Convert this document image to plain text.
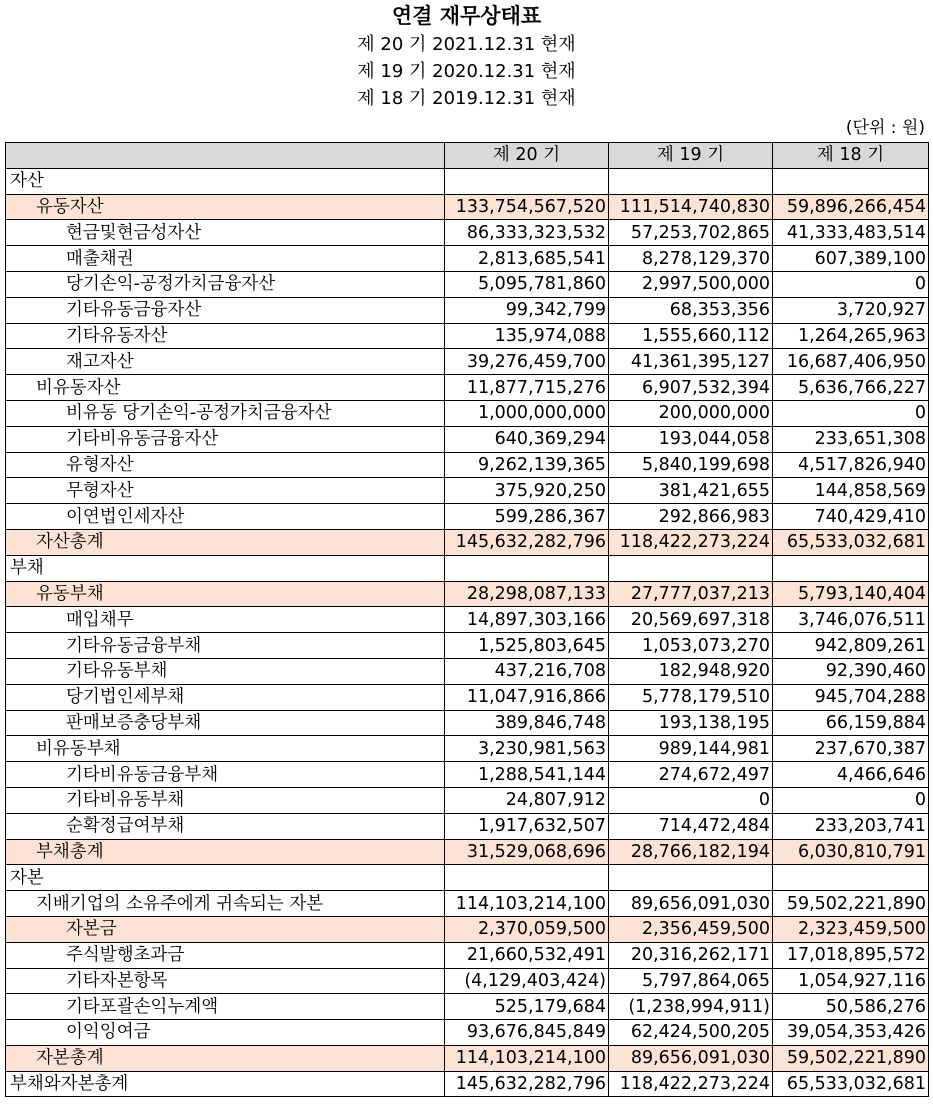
연결 재무상태표
제 20 기 2021.12.31 현재
제 19 기 2020.12.31 현재
제 18 기 2019.12.31 현재
(단위 : 원)
	제 20 기	제 19 기	제 18 기
자산			
유동자산	133,754,567,520	111,514,740,830	59,896,266,454
현금및현금성자산	86,333,323,532	57,253,702,865	41,333,483,514
매출채권	2,813,685,541	8,278,129,370	607,389,100
당기손익-공정가치금융자산	5,095,781,860	2,997,500,000	0
기타유동금융자산	99,342,799	68,353,356	3,720,927
기타유동자산	135,974,088	1,555,660,112	1,264,265,963
재고자산	39,276,459,700	41,361,395,127	16,687,406,950
비유동자산	11,877,715,276	6,907,532,394	5,636,766,227
비유동 당기손익-공정가치금융자산	1,000,000,000	200,000,000	0
기타비유동금융자산	640,369,294	193,044,058	233,651,308
유형자산	9,262,139,365	5,840,199,698	4,517,826,940
무형자산	375,920,250	381,421,655	144,858,569
이연법인세자산	599,286,367	292,866,983	740,429,410
자산총계	145,632,282,796	118,422,273,224	65,533,032,681
부채			
유동부채	28,298,087,133	27,777,037,213	5,793,140,404
매입채무	14,897,303,166	20,569,697,318	3,746,076,511
기타유동금융부채	1,525,803,645	1,053,073,270	942,809,261
기타유동부채	437,216,708	182,948,920	92,390,460
당기법인세부채	11,047,916,866	5,778,179,510	945,704,288
판매보증충당부채	389,846,748	193,138,195	66,159,884
비유동부채	3,230,981,563	989,144,981	237,670,387
기타비유동금융부채	1,288,541,144	274,672,497	4,466,646
기타비유동부채	24,807,912	0	0
순확정급여부채	1,917,632,507	714,472,484	233,203,741
부채총계	31,529,068,696	28,766,182,194	6,030,810,791
자본			
지배기업의 소유주에게 귀속되는 자본	114,103,214,100	89,656,091,030	59,502,221,890
자본금	2,370,059,500	2,356,459,500	2,323,459,500
주식발행초과금	21,660,532,491	20,316,262,171	17,018,895,572
기타자본항목	(4,129,403,424)	5,797,864,065	1,054,927,116
기타포괄손익누계액	525,179,684	(1,238,994,911)	50,586,276
이익잉여금	93,676,845,849	62,424,500,205	39,054,353,426
자본총계	114,103,214,100	89,656,091,030	59,502,221,890
부채와자본총계	145,632,282,796	118,422,273,224	65,533,032,681
